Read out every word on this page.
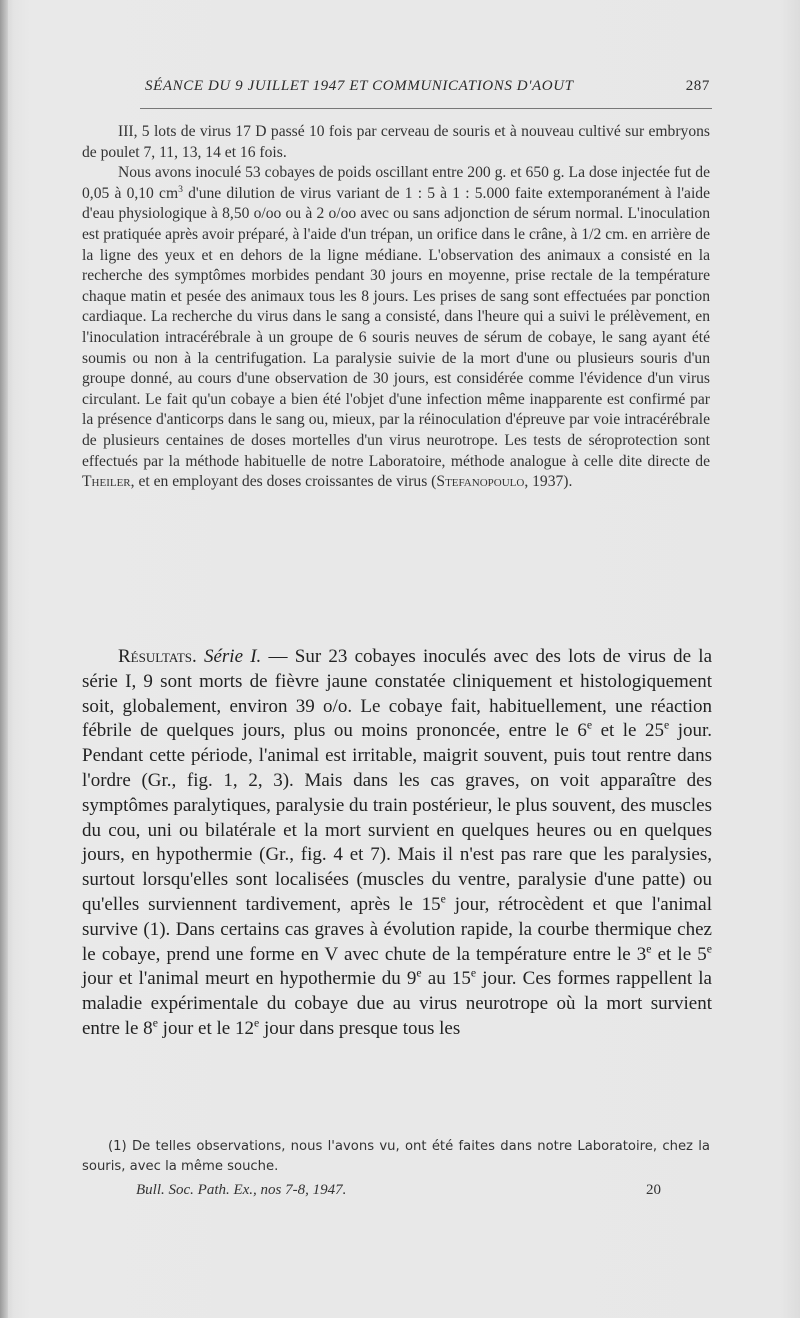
SÉANCE DU 9 JUILLET 1947 ET COMMUNICATIONS D'AOUT	287

III, 5 lots de virus 17 D passé 10 fois par cerveau de souris et à nouveau cultivé sur embryons de poulet 7, 11, 13, 14 et 16 fois.

Nous avons inoculé 53 cobayes de poids oscillant entre 200 g. et 650 g. La dose injectée fut de 0,05 à 0,10 $cm^3$ d'une dilution de virus variant de 1 : 5 à 1 : 5.000 faite extemporanément à l'aide d'eau physiologique à 8,50 o/oo ou à 2 o/oo avec ou sans adjonction de sérum normal. L'inoculation est pratiquée après avoir préparé, à l'aide d'un trépan, un orifice dans le crâne, à 1/2 cm. en arrière de la ligne des yeux et en dehors de la ligne médiane. L'observation des animaux a consisté en la recherche des symptômes morbides pendant 30 jours en moyenne, prise rectale de la température chaque matin et pesée des animaux tous les 8 jours. Les prises de sang sont effectuées par ponction cardiaque. La recherche du virus dans le sang a consisté, dans l'heure qui a suivi le prélèvement, en l'inoculation intracérébrale à un groupe de 6 souris neuves de sérum de cobaye, le sang ayant été soumis ou non à la centrifugation. La paralysie suivie de la mort d'une ou plusieurs souris d'un groupe donné, au cours d'une observation de 30 jours, est considérée comme l'évidence d'un virus circulant. Le fait qu'un cobaye a bien été l'objet d'une infection même inapparente est confirmé par la présence d'anticorps dans le sang ou, mieux, par la réinoculation d'épreuve par voie intracérébrale de plusieurs centaines de doses mortelles d'un virus neurotrope. Les tests de séroprotection sont effectués par la méthode habituelle de notre Laboratoire, méthode analogue à celle dite directe de Theiler, et en employant des doses croissantes de virus (Stefanopoulo, 1937).

Résultats. Série I. — Sur 23 cobayes inoculés avec des lots de virus de la série I, 9 sont morts de fièvre jaune constatée cliniquement et histologiquement soit, globalement, environ 39 o/o. Le cobaye fait, habituellement, une réaction fébrile de quelques jours, plus ou moins prononcée, entre le 6e et le 25e jour. Pendant cette période, l'animal est irritable, maigrit souvent, puis tout rentre dans l'ordre (Gr., fig. 1, 2, 3). Mais dans les cas graves, on voit apparaître des symptômes paralytiques, paralysie du train postérieur, le plus souvent, des muscles du cou, uni ou bilatérale et la mort survient en quelques heures ou en quelques jours, en hypothermie (Gr., fig. 4 et 7). Mais il n'est pas rare que les paralysies, surtout lorsqu'elles sont localisées (muscles du ventre, paralysie d'une patte) ou qu'elles surviennent tardivement, après le 15e jour, rétrocèdent et que l'animal survive (1). Dans certains cas graves à évolution rapide, la courbe thermique chez le cobaye, prend une forme en V avec chute de la température entre le 3e et le 5e jour et l'animal meurt en hypothermie du 9e au 15e jour. Ces formes rappellent la maladie expérimentale du cobaye due au virus neurotrope où la mort survient entre le 8e jour et le 12e jour dans presque tous les

(1) De telles observations, nous l'avons vu, ont été faites dans notre Laboratoire, chez la souris, avec la même souche.

Bull. Soc. Path. Ex., nos 7-8, 1947.	20
